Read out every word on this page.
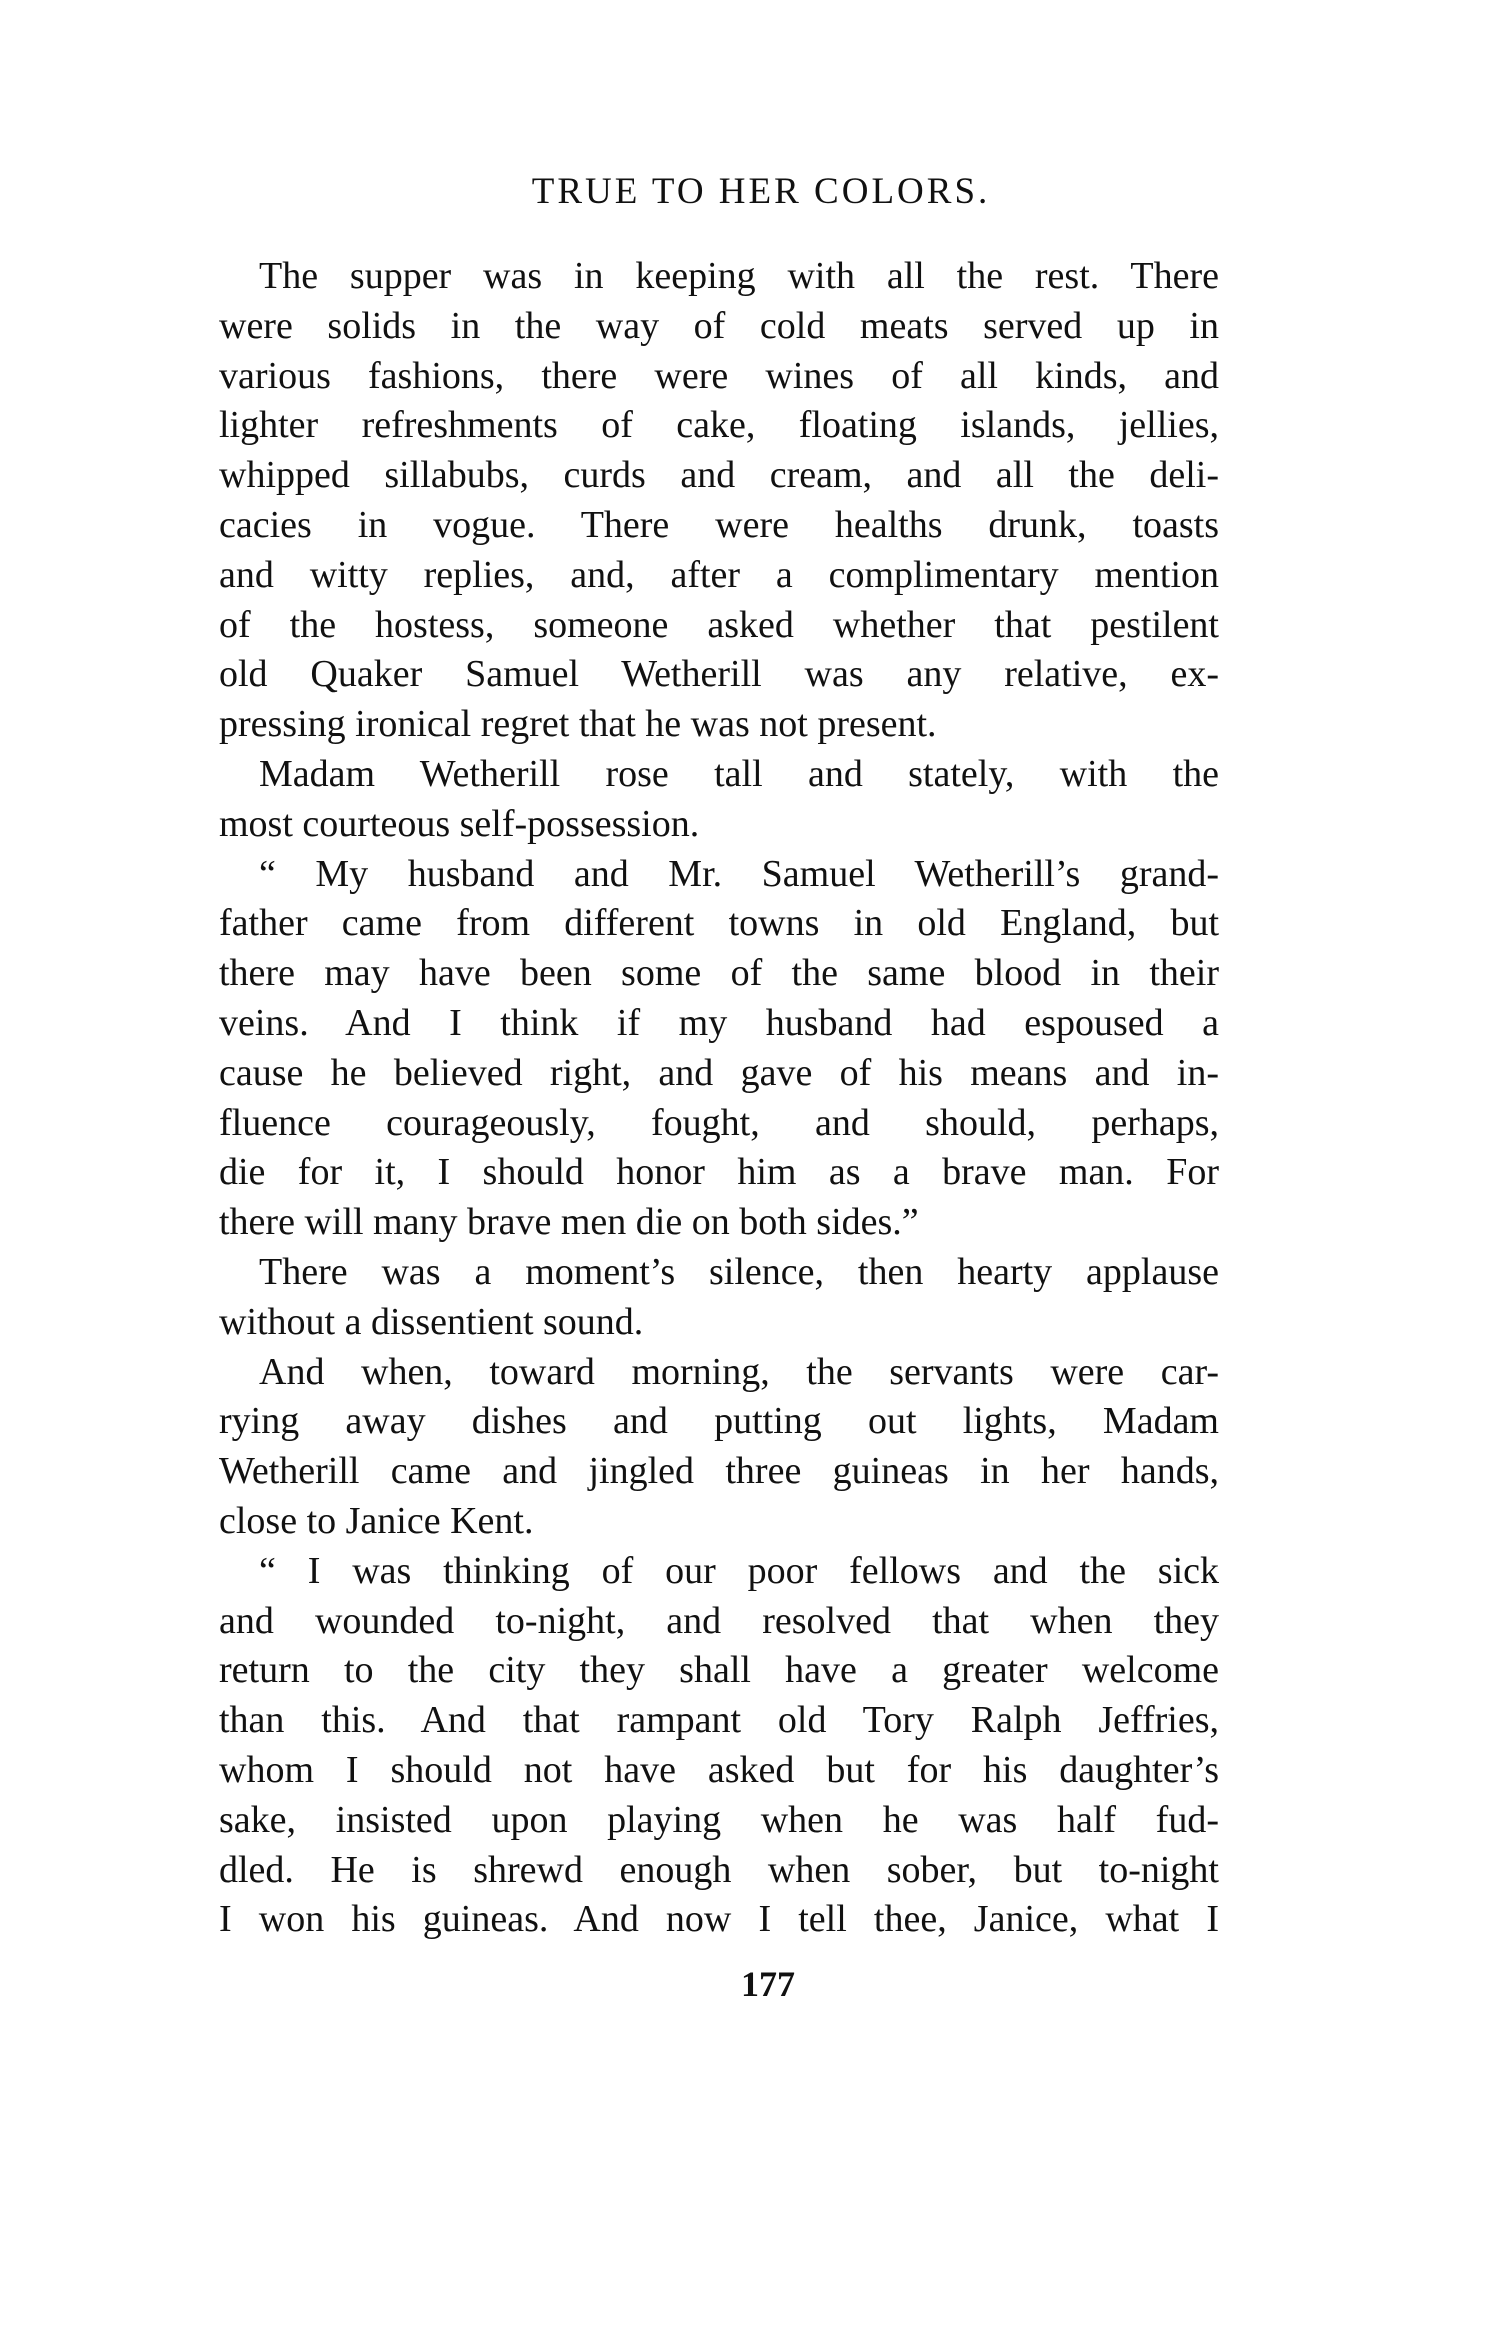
TRUE TO HER COLORS.
The supper was in keeping with all the rest. There
were solids in the way of cold meats served up in
various fashions, there were wines of all kinds, and
lighter refreshments of cake, floating islands, jellies,
whipped sillabubs, curds and cream, and all the deli-
cacies in vogue. There were healths drunk, toasts
and witty replies, and, after a complimentary mention
of the hostess, someone asked whether that pestilent
old Quaker Samuel Wetherill was any relative, ex-
pressing ironical regret that he was not present.
Madam Wetherill rose tall and stately, with the
most courteous self-possession.
“ My husband and Mr. Samuel Wetherill’s grand-
father came from different towns in old England, but
there may have been some of the same blood in their
veins. And I think if my husband had espoused a
cause he believed right, and gave of his means and in-
fluence courageously, fought, and should, perhaps,
die for it, I should honor him as a brave man. For
there will many brave men die on both sides.”
There was a moment’s silence, then hearty applause
without a dissentient sound.
And when, toward morning, the servants were car-
rying away dishes and putting out lights, Madam
Wetherill came and jingled three guineas in her hands,
close to Janice Kent.
“ I was thinking of our poor fellows and the sick
and wounded to-night, and resolved that when they
return to the city they shall have a greater welcome
than this. And that rampant old Tory Ralph Jeffries,
whom I should not have asked but for his daughter’s
sake, insisted upon playing when he was half fud-
dled. He is shrewd enough when sober, but to-night
I won his guineas. And now I tell thee, Janice, what I
177
